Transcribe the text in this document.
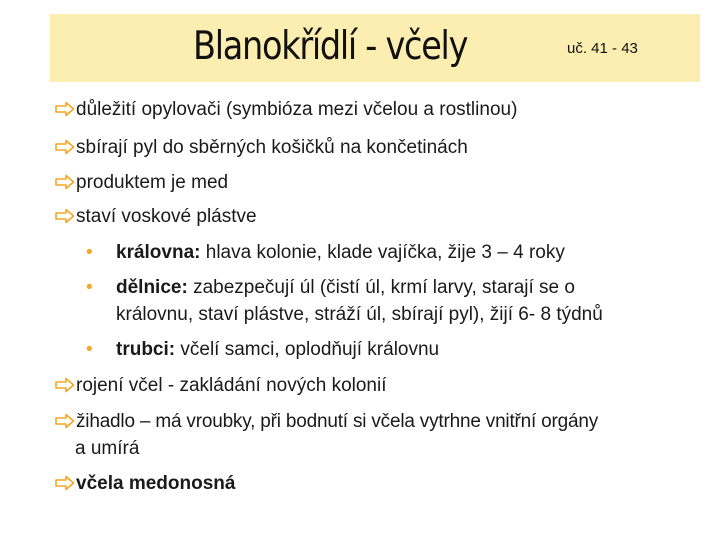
Blanokřídlí - včely	uč. 41 - 43
důležití opylovači (symbióza mezi včelou a rostlinou)
sbírají pyl do sběrných košičků na končetinách
produktem je med
staví voskové plástve
• královna: hlava kolonie, klade vajíčka, žije 3 – 4 roky
• dělnice: zabezpečují úl (čistí úl, krmí larvy, starají se o
královnu, staví plástve, stráží úl, sbírají pyl), žijí 6- 8 týdnů
• trubci: včelí samci, oplodňují královnu
rojení včel - zakládání nových kolonií
žihadlo – má vroubky, při bodnutí si včela vytrhne vnitřní orgány
a umírá
včela medonosná
